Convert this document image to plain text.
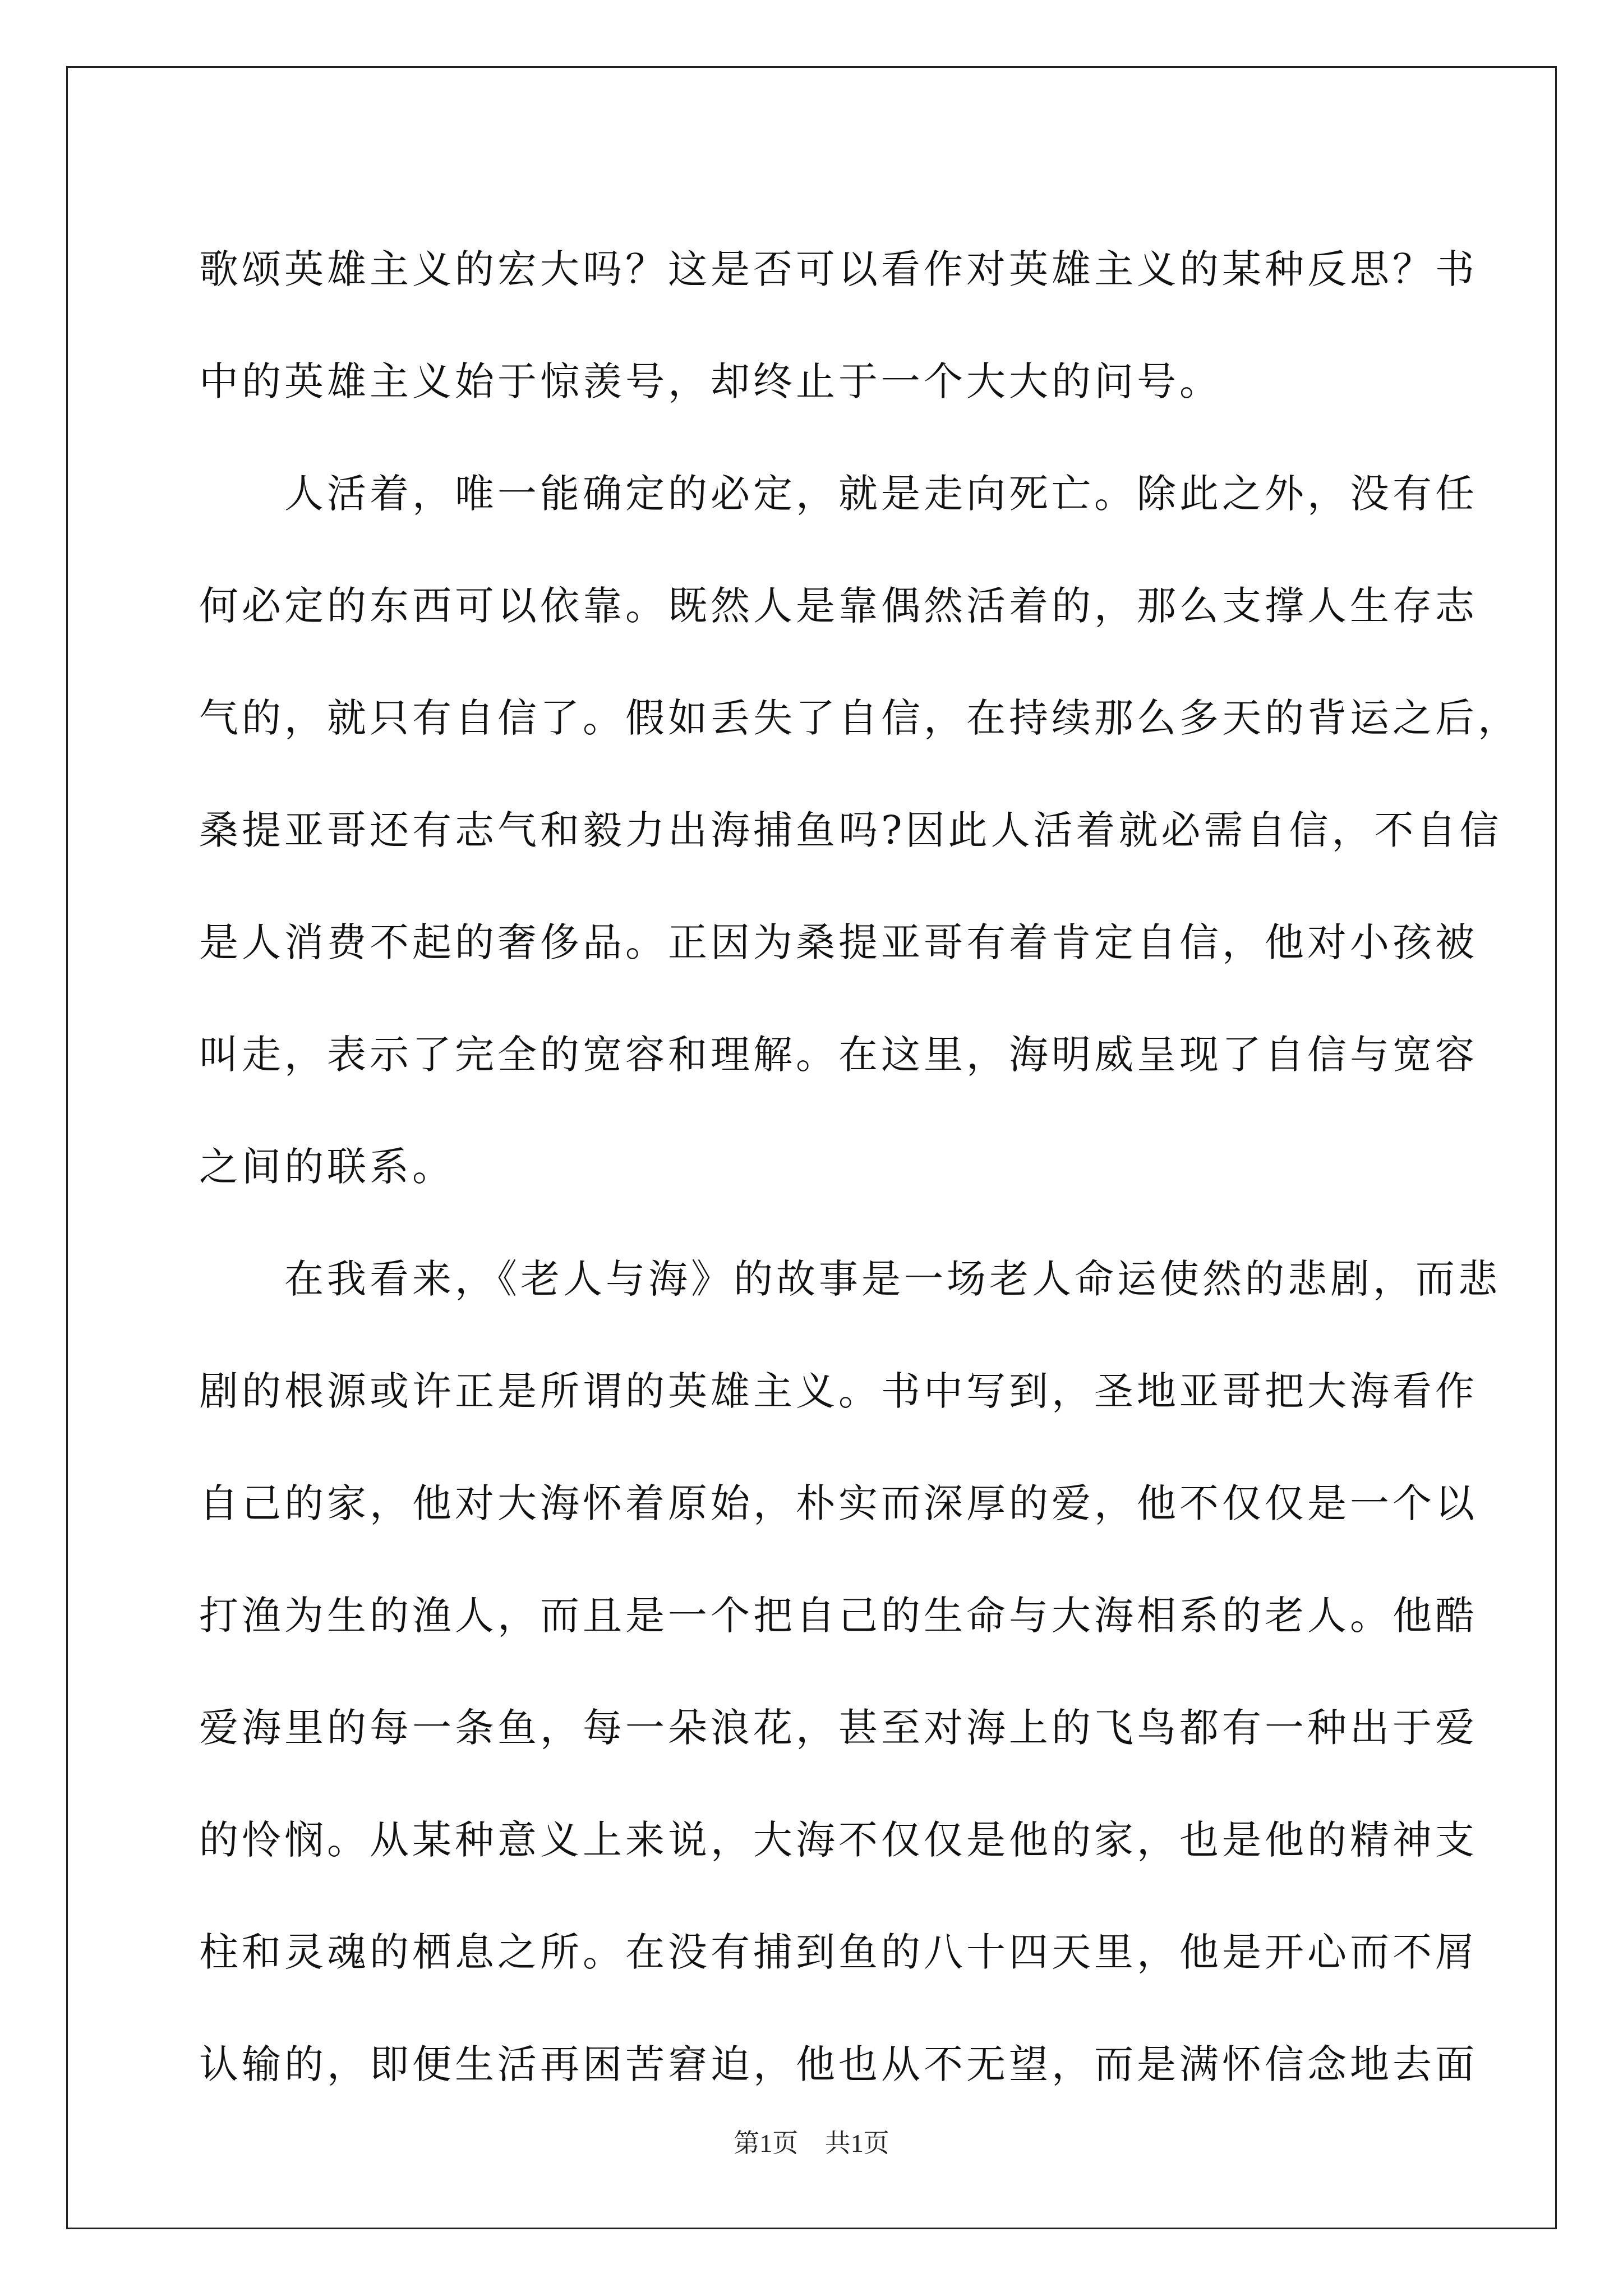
歌颂英雄主义的宏大吗？这是否可以看作对英雄主义的某种反思？书
中的英雄主义始于惊羡号，却终止于一个大大的问号。
　　人活着，唯一能确定的必定，就是走向死亡。除此之外，没有任
何必定的东西可以依靠。既然人是靠偶然活着的，那么支撑人生存志
气的，就只有自信了。假如丢失了自信，在持续那么多天的背运之后，
桑提亚哥还有志气和毅力出海捕鱼吗?因此人活着就必需自信，不自信
是人消费不起的奢侈品。正因为桑提亚哥有着肯定自信，他对小孩被
叫走，表示了完全的宽容和理解。在这里，海明威呈现了自信与宽容
之间的联系。
　　在我看来，《老人与海》的故事是一场老人命运使然的悲剧，而悲
剧的根源或许正是所谓的英雄主义。书中写到，圣地亚哥把大海看作
自己的家，他对大海怀着原始，朴实而深厚的爱，他不仅仅是一个以
打渔为生的渔人，而且是一个把自己的生命与大海相系的老人。他酷
爱海里的每一条鱼，每一朵浪花，甚至对海上的飞鸟都有一种出于爱
的怜悯。从某种意义上来说，大海不仅仅是他的家，也是他的精神支
柱和灵魂的栖息之所。在没有捕到鱼的八十四天里，他是开心而不屑
认输的，即便生活再困苦窘迫，他也从不无望，而是满怀信念地去面
第1页 共1页
